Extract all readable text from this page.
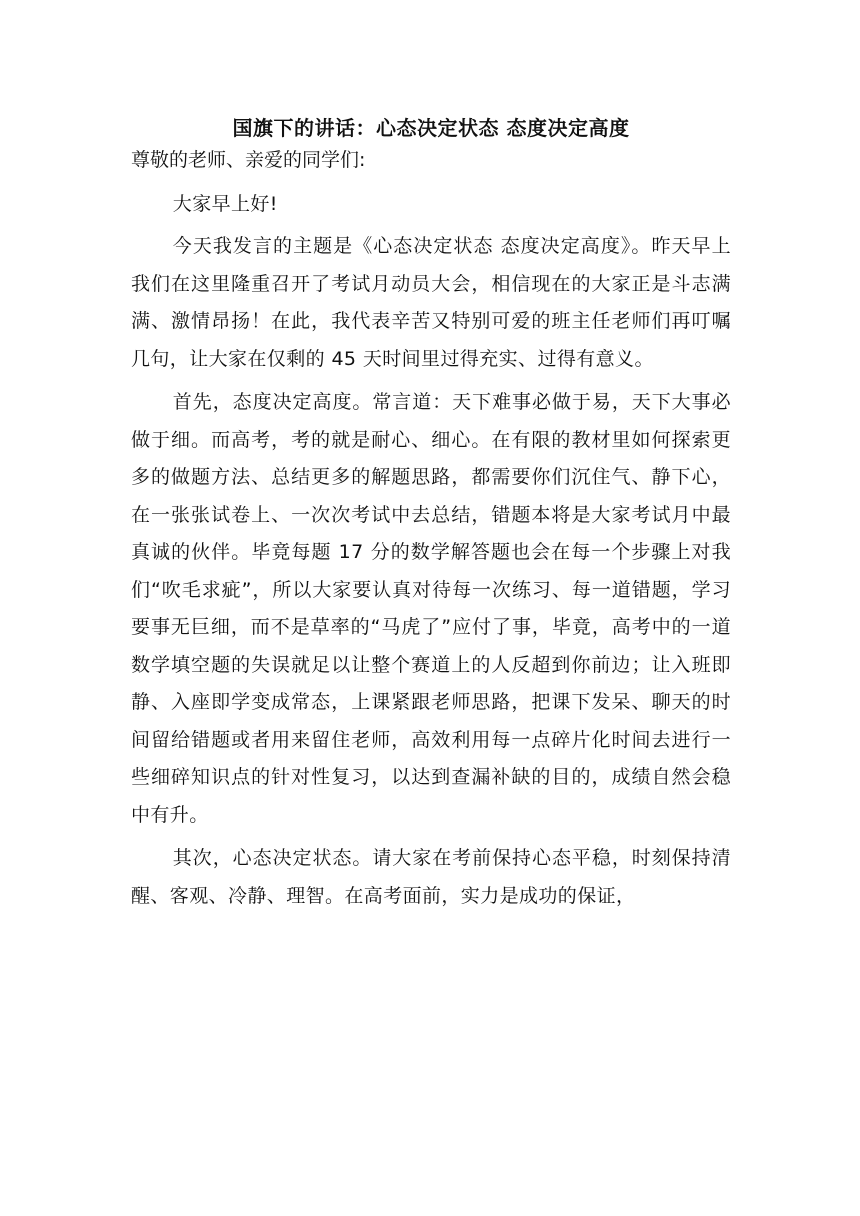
国旗下的讲话：心态决定状态 态度决定高度
尊敬的老师、亲爱的同学们:

大家早上好!

今天我发言的主题是《心态决定状态 态度决定高度》。昨天早上我们在这里隆重召开了考试月动员大会，相信现在的大家正是斗志满满、激情昂扬！在此，我代表辛苦又特别可爱的班主任老师们再叮嘱几句，让大家在仅剩的 45 天时间里过得充实、过得有意义。

首先，态度决定高度。常言道：天下难事必做于易，天下大事必做于细。而高考，考的就是耐心、细心。在有限的教材里如何探索更多的做题方法、总结更多的解题思路，都需要你们沉住气、静下心，在一张张试卷上、一次次考试中去总结，错题本将是大家考试月中最真诚的伙伴。毕竟每题 17 分的数学解答题也会在每一个步骤上对我们“吹毛求疵”，所以大家要认真对待每一次练习、每一道错题，学习要事无巨细，而不是草率的“马虎了”应付了事，毕竟，高考中的一道数学填空题的失误就足以让整个赛道上的人反超到你前边；让入班即静、入座即学变成常态，上课紧跟老师思路，把课下发呆、聊天的时间留给错题或者用来留住老师，高效利用每一点碎片化时间去进行一些细碎知识点的针对性复习，以达到查漏补缺的目的，成绩自然会稳中有升。

其次，心态决定状态。请大家在考前保持心态平稳，时刻保持清醒、客观、冷静、理智。在高考面前，实力是成功的保证，
